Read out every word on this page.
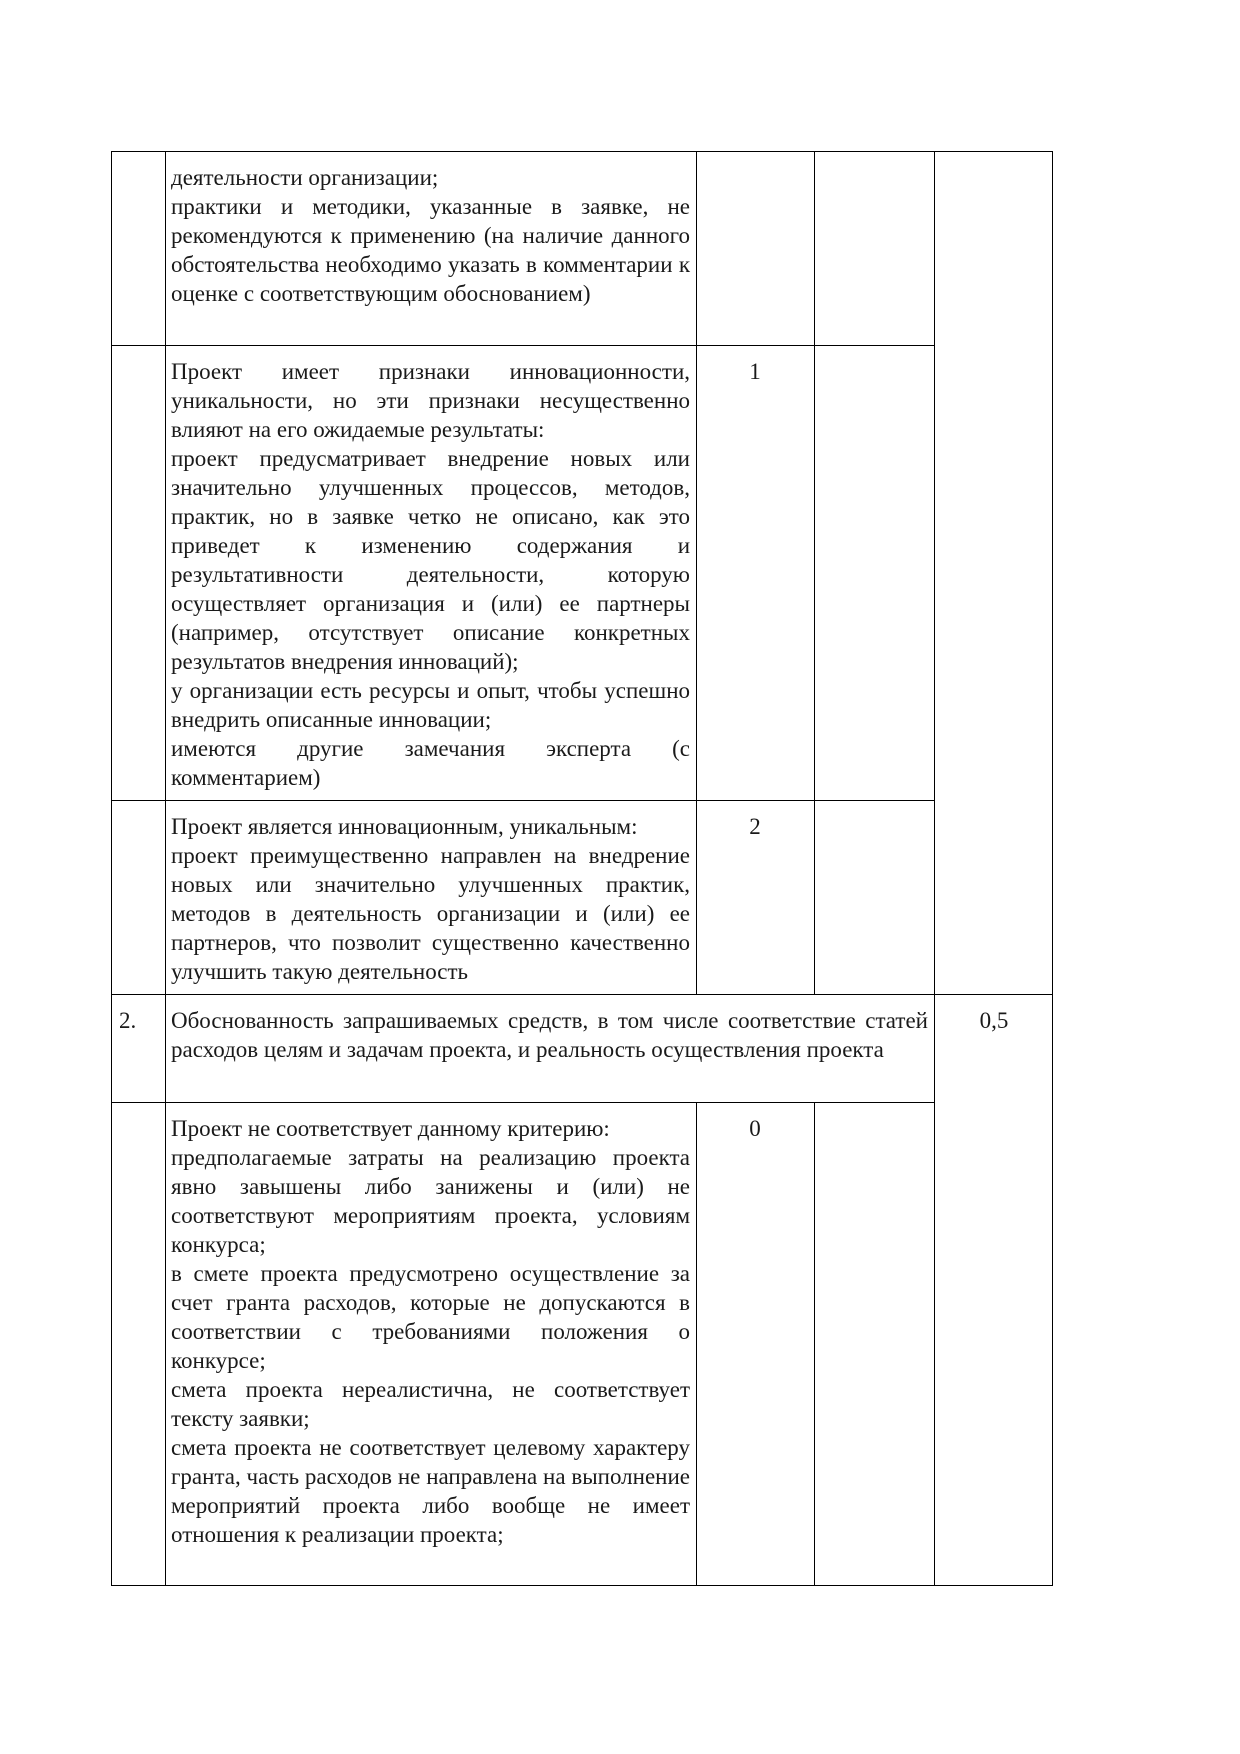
деятельности организации;
практики и методики, указанные в заявке, не рекомендуются к применению (на наличие данного обстоятельства необходимо указать в комментарии к оценке с соответствующим обоснованием)
Проект имеет признаки инновационности, уникальности, но эти признаки несущественно влияют на его ожидаемые результаты:
проект предусматривает внедрение новых или значительно улучшенных процессов, методов, практик, но в заявке четко не описано, как это приведет к изменению содержания и результативности деятельности, которую осуществляет организация и (или) ее партнеры (например, отсутствует описание конкретных результатов внедрения инноваций);
у организации есть ресурсы и опыт, чтобы успешно внедрить описанные инновации;
имеются другие замечания эксперта (с комментарием)
1
Проект является инновационным, уникальным:
проект преимущественно направлен на внедрение новых или значительно улучшенных практик, методов в деятельность организации и (или) ее партнеров, что позволит существенно качественно улучшить такую деятельность
2
2. Обоснованность запрашиваемых средств, в том числе соответствие статей расходов целям и задачам проекта, и реальность осуществления проекта
0,5
Проект не соответствует данному критерию:
предполагаемые затраты на реализацию проекта явно завышены либо занижены и (или) не соответствуют мероприятиям проекта, условиям конкурса;
в смете проекта предусмотрено осуществление за счет гранта расходов, которые не допускаются в соответствии с требованиями положения о конкурсе;
смета проекта нереалистична, не соответствует тексту заявки;
смета проекта не соответствует целевому характеру гранта, часть расходов не направлена на выполнение мероприятий проекта либо вообще не имеет отношения к реализации проекта;
0
